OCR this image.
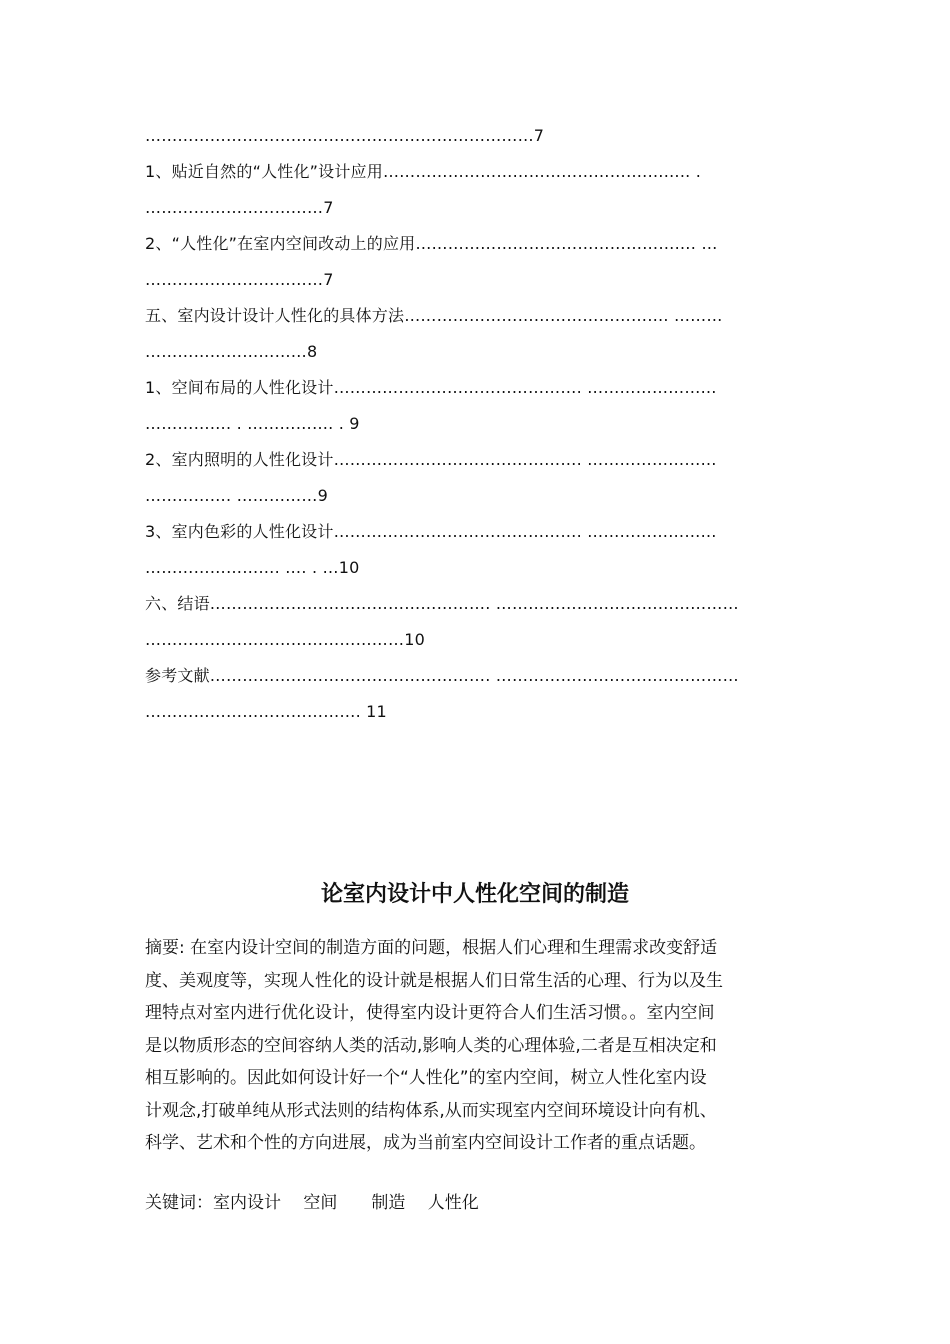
………………………………………………………………7
1、贴近自然的“人性化”设计应用………………………………………….…….. .
……………………………7
2、“人性化”在室内空间改动上的应用……………………………………………. …
……………………………7
五、室内设计设计人性化的具体方法…………………………………………. ………
…………………………8
1、空间布局的人性化设计………………………………………. ……………………
……………. . ……………. . 9
2、室内照明的人性化设计………………………………………. ……………………
……………. ……………9
3、室内色彩的人性化设计………………………………………. ……………………
……………………. …. . …10
六、结语……………………………………………. ………………………………………
…………………………………………10
参考文献……………………………………………. ………………………………………
…………………………………. 11
论室内设计中人性化空间的制造
摘要: 在室内设计空间的制造方面的问题，根据人们心理和生理需求改变舒适
度、美观度等，实现人性化的设计就是根据人们日常生活的心理、行为以及生
理特点对室内进行优化设计，使得室内设计更符合人们生活习惯。。室内空间
是以物质形态的空间容纳人类的活动,影响人类的心理体验,二者是互相决定和
相互影响的。因此如何设计好一个“人性化”的室内空间，树立人性化室内设
计观念,打破单纯从形式法则的结构体系,从而实现室内空间环境设计向有机、
科学、艺术和个性的方向进展，成为当前室内空间设计工作者的重点话题。
关键词：室内设计　 空间　　制造　 人性化
